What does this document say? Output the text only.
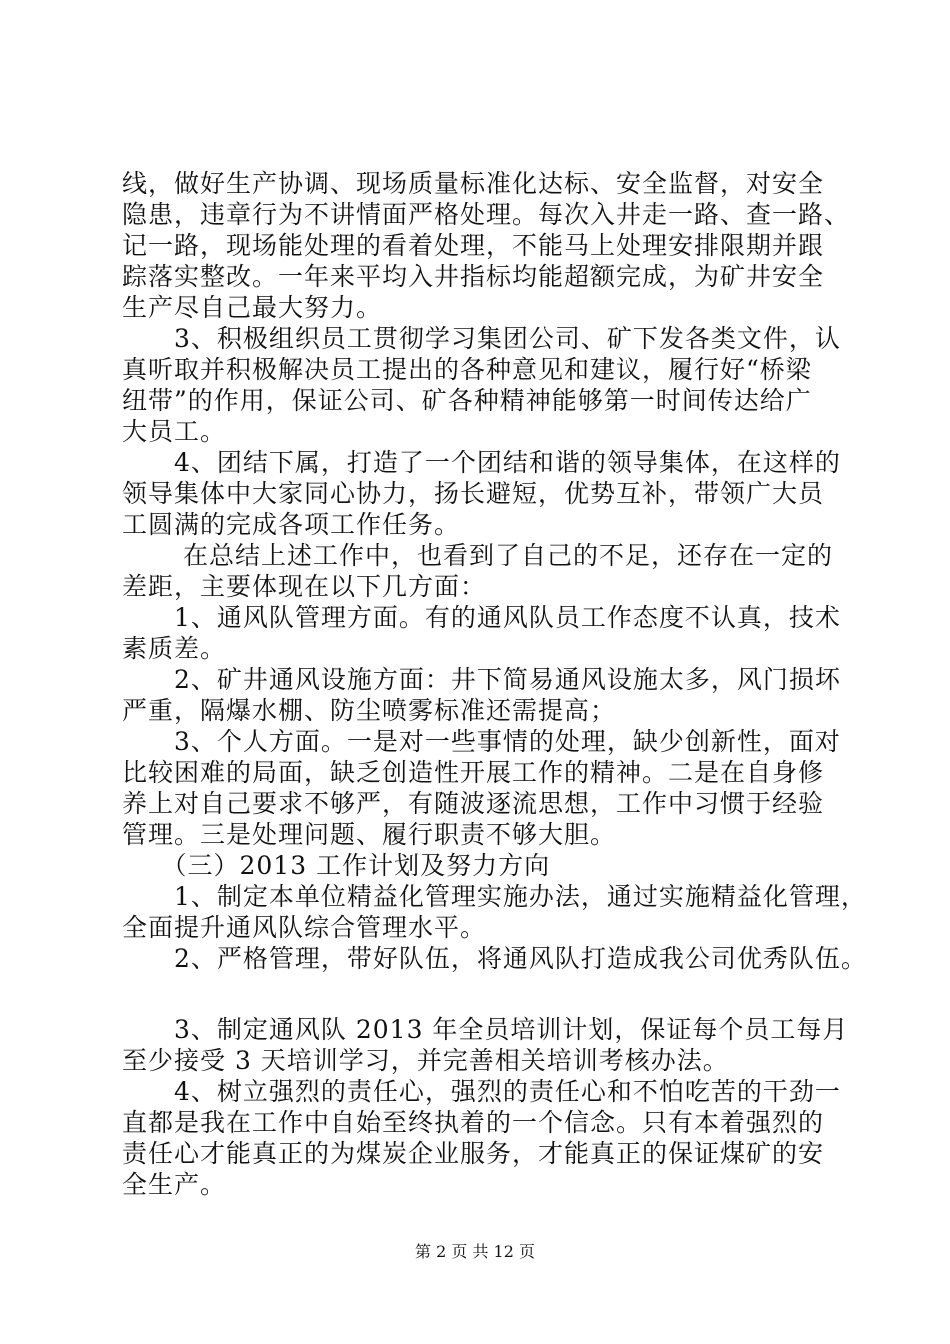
线，做好生产协调、现场质量标准化达标、安全监督，对安全
隐患，违章行为不讲情面严格处理。每次入井走一路、查一路、
记一路，现场能处理的看着处理，不能马上处理安排限期并跟
踪落实整改。一年来平均入井指标均能超额完成，为矿井安全
生产尽自己最大努力。
　　3、积极组织员工贯彻学习集团公司、矿下发各类文件，认
真听取并积极解决员工提出的各种意见和建议，履行好“桥梁
纽带”的作用，保证公司、矿各种精神能够第一时间传达给广
大员工。
　　4、团结下属，打造了一个团结和谐的领导集体，在这样的
领导集体中大家同心协力，扬长避短，优势互补，带领广大员
工圆满的完成各项工作任务。
　　 在总结上述工作中，也看到了自己的不足，还存在一定的
差距，主要体现在以下几方面：
　　1、通风队管理方面。有的通风队员工作态度不认真，技术
素质差。
　　2、矿井通风设施方面：井下简易通风设施太多，风门损坏
严重，隔爆水棚、防尘喷雾标准还需提高；
　　3、个人方面。一是对一些事情的处理，缺少创新性，面对
比较困难的局面，缺乏创造性开展工作的精神。二是在自身修
养上对自己要求不够严，有随波逐流思想，工作中习惯于经验
管理。三是处理问题、履行职责不够大胆。
　　（三）2013 工作计划及努力方向
　　1、制定本单位精益化管理实施办法，通过实施精益化管理，
全面提升通风队综合管理水平。
　　2、严格管理，带好队伍，将通风队打造成我公司优秀队伍。
　　3、制定通风队 2013 年全员培训计划，保证每个员工每月
至少接受 3 天培训学习，并完善相关培训考核办法。
　　4、树立强烈的责任心，强烈的责任心和不怕吃苦的干劲一
直都是我在工作中自始至终执着的一个信念。只有本着强烈的
责任心才能真正的为煤炭企业服务，才能真正的保证煤矿的安
全生产。
第 2 页 共 12 页
